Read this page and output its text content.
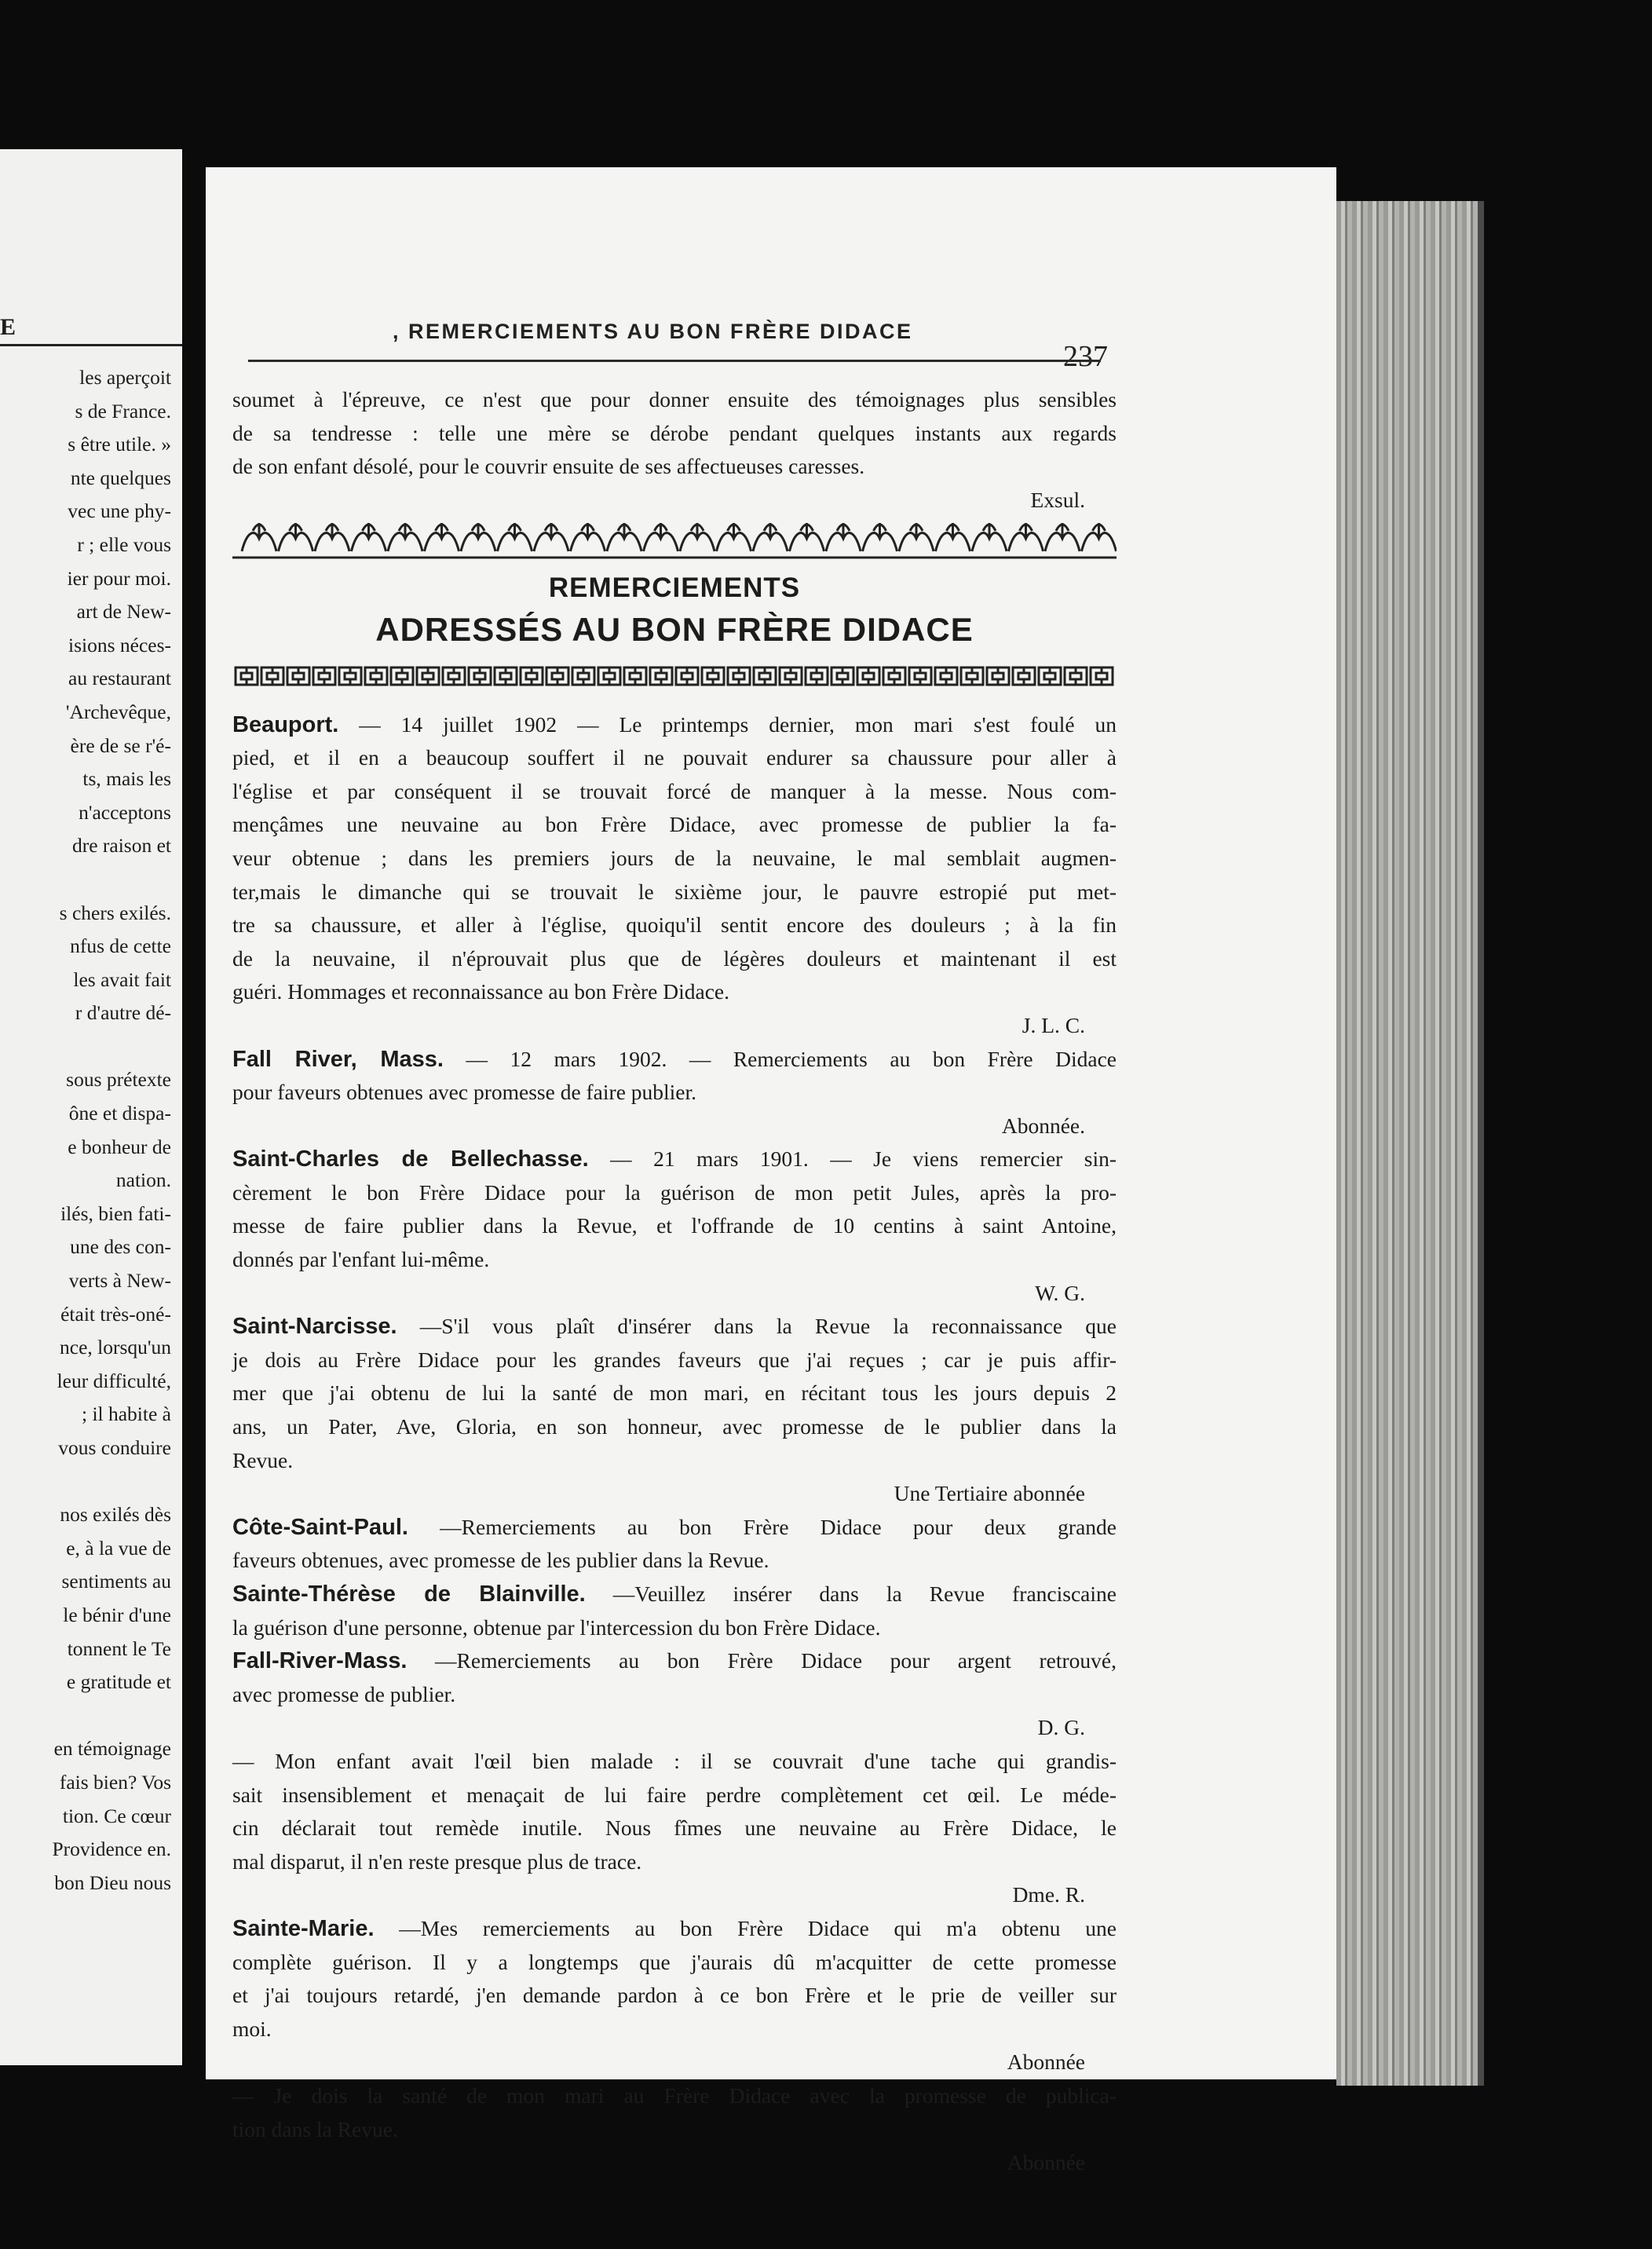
E
les aperçoit
s de France.
s être utile. »
nte quelques
vec une phy-
r ; elle vous
ier pour moi.
art de New-
isions néces-
au restaurant
'Archevêque,
ère de se r'é-
ts, mais les
n'acceptons
dre raison et

s chers exilés.
nfus de cette
les avait fait
r d'autre dé-

sous prétexte
ône et dispa-
e bonheur de
nation.
ilés, bien fati-
une des con-
verts à New-
était très-oné-
nce, lorsqu'un
leur difficulté,
; il habite à
vous conduire

nos exilés dès
e, à la vue de
sentiments au
le bénir d'une
tonnent le Te
e gratitude et

en témoignage
fais bien? Vos
tion. Ce cœur
Providence en.
bon Dieu nous
, REMERCIEMENTS AU BON FRÈRE DIDACE
237
soumet à l'épreuve, ce n'est que pour donner ensuite des témoignages plus sensibles
de sa tendresse : telle une mère se dérobe pendant quelques instants aux regards
de son enfant désolé, pour le couvrir ensuite de ses affectueuses caresses.
Exsul.
REMERCIEMENTS
ADRESSÉS AU BON FRÈRE DIDACE
Beauport. — 14 juillet 1902 — Le printemps dernier, mon mari s'est foulé un
pied, et il en a beaucoup souffert il ne pouvait endurer sa chaussure pour aller à
l'église et par conséquent il se trouvait forcé de manquer à la messe. Nous com-
mençâmes une neuvaine au bon Frère Didace, avec promesse de publier la fa-
veur obtenue ; dans les premiers jours de la neuvaine, le mal semblait augmen-
ter,mais le dimanche qui se trouvait le sixième jour, le pauvre estropié put met-
tre sa chaussure, et aller à l'église, quoiqu'il sentit encore des douleurs ; à la fin
de la neuvaine, il n'éprouvait plus que de légères douleurs et maintenant il est
guéri. Hommages et reconnaissance au bon Frère Didace.
J. L. C.
Fall River, Mass. — 12 mars 1902. — Remerciements au bon Frère Didace
pour faveurs obtenues avec promesse de faire publier.
Abonnée.
Saint-Charles de Bellechasse. — 21 mars 1901. — Je viens remercier sin-
cèrement le bon Frère Didace pour la guérison de mon petit Jules, après la pro-
messe de faire publier dans la Revue, et l'offrande de 10 centins à saint Antoine,
donnés par l'enfant lui-même.
W. G.
Saint-Narcisse. —S'il vous plaît d'insérer dans la Revue la reconnaissance que
je dois au Frère Didace pour les grandes faveurs que j'ai reçues ; car je puis affir-
mer que j'ai obtenu de lui la santé de mon mari, en récitant tous les jours depuis 2
ans, un Pater, Ave, Gloria, en son honneur, avec promesse de le publier dans la
Revue.
Une Tertiaire abonnée
Côte-Saint-Paul. —Remerciements au bon Frère Didace pour deux grande
faveurs obtenues, avec promesse de les publier dans la Revue.
Sainte-Thérèse de Blainville. —Veuillez insérer dans la Revue franciscaine
la guérison d'une personne, obtenue par l'intercession du bon Frère Didace.
Fall-River-Mass. —Remerciements au bon Frère Didace pour argent retrouvé,
avec promesse de publier.
D. G.
— Mon enfant avait l'œil bien malade : il se couvrait d'une tache qui grandis-
sait insensiblement et menaçait de lui faire perdre complètement cet œil. Le méde-
cin déclarait tout remède inutile. Nous fîmes une neuvaine au Frère Didace, le
mal disparut, il n'en reste presque plus de trace.
Dme. R.
Sainte-Marie. —Mes remerciements au bon Frère Didace qui m'a obtenu une
complète guérison. Il y a longtemps que j'aurais dû m'acquitter de cette promesse
et j'ai toujours retardé, j'en demande pardon à ce bon Frère et le prie de veiller sur
moi.
Abonnée
— Je dois la santé de mon mari au Frère Didace avec la promesse de publica-
tion dans la Revue.
Abonnée
